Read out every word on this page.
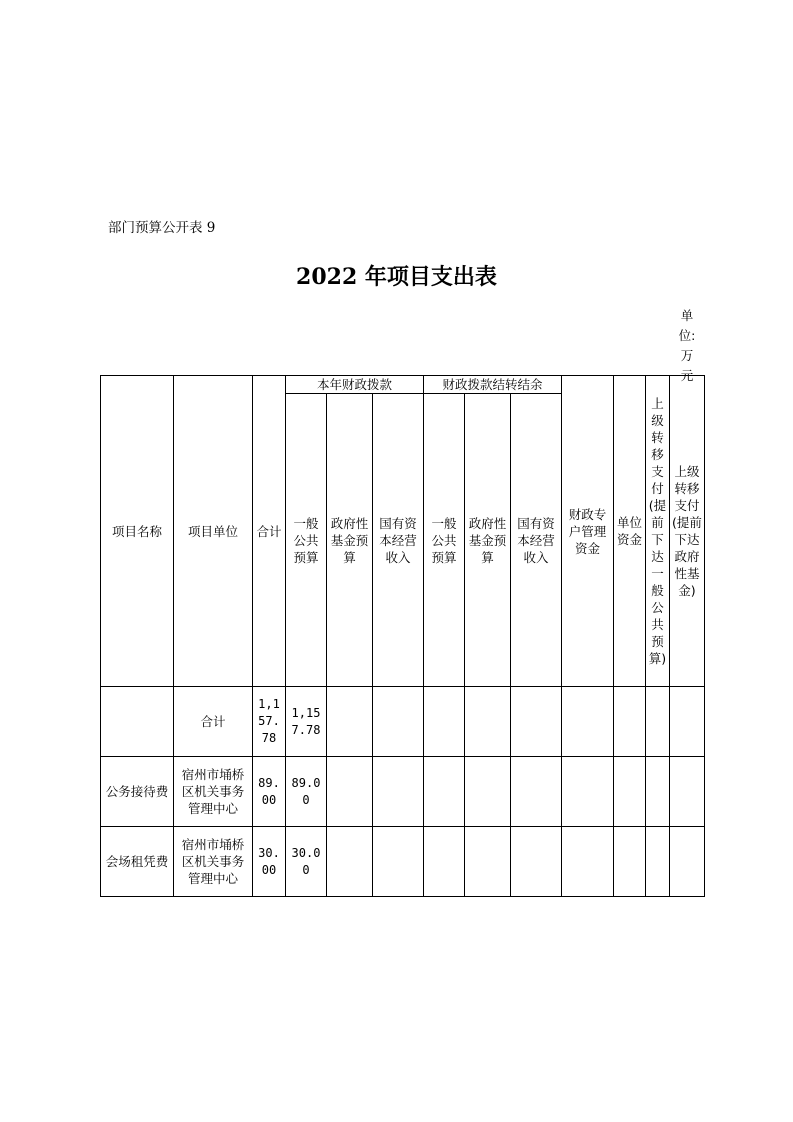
部门预算公开表 9
2022 年项目支出表
单位:万元
项目名称	项目单位	合计	本年财政拨款			财政拨款结转结余			财政专户管理资金	单位资金	上级转移支付(提前下达一般公共预算)	上级转移支付(提前下达政府性基金)
			一般公共预算	政府性基金预算	国有资本经营收入	一般公共预算	政府性基金预算	国有资本经营收入				
	合计	1,157.78	1,157.78									
公务接待费	宿州市埇桥区机关事务管理中心	89.00	89.00									
会场租凭费	宿州市埇桥区机关事务管理中心	30.00	30.00									
